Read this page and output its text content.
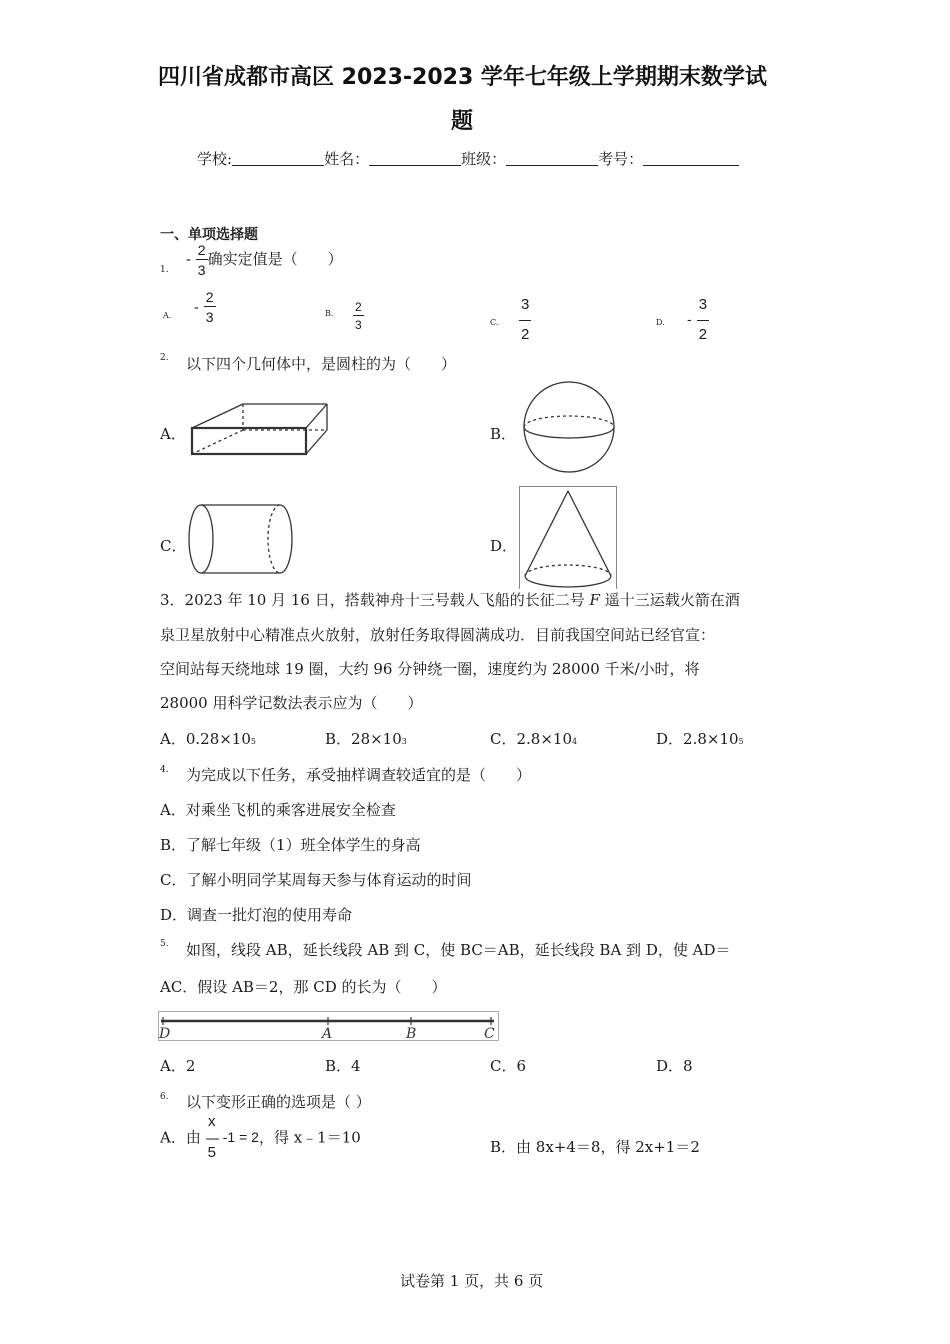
四川省成都市高区 2023-2023 学年七年级上学期期末数学试
题
学校:	姓名：	班级：	考号：
一、单项选择题
1.
- $\frac{2}{3}$ 确实定值是（　　）
A.
- $\frac{2}{3}$	B. $\frac{2}{3}$	C. $\frac{3}{2}$	D. - $\frac{3}{2}$
2. 以下四个几何体中，是圆柱的为（　　）
A．	B．
C．	D．
3．2023 年 10 月 16 日，搭载神舟十三号载人飞船的长征二号 F 遥十三运载火箭在酒
泉卫星放射中心精准点火放射，放射任务取得圆满成功．目前我国空间站已经官宣：
空间站每天绕地球 19 圈，大约 96 分钟绕一圈，速度约为 28000 千米/小时，将
28000 用科学记数法表示应为（　　）
A．0.28×105	B．28×103	C．2.8×104	D．2.8×105
4. 为完成以下任务，承受抽样调查较适宜的是（　　）
A．对乘坐飞机的乘客进展安全检查
B．了解七年级（1）班全体学生的身高
C．了解小明同学某周每天参与体育运动的时间
D．调查一批灯泡的使用寿命
5. 如图，线段 AB，延长线段 AB 到 C，使 BC＝AB，延长线段 BA 到 D，使 AD＝
AC．假设 AB＝2，那 CD 的长为（　　）
D	A	B	C
A．2	B．4	C．6	D．8
6. 以下变形正确的选项是（ ）
A．由
x
5
-1 = 2，得 x﹣1＝10
B．由 8x+4＝8，得 2x+1＝2
试卷第 1 页，共 6 页
